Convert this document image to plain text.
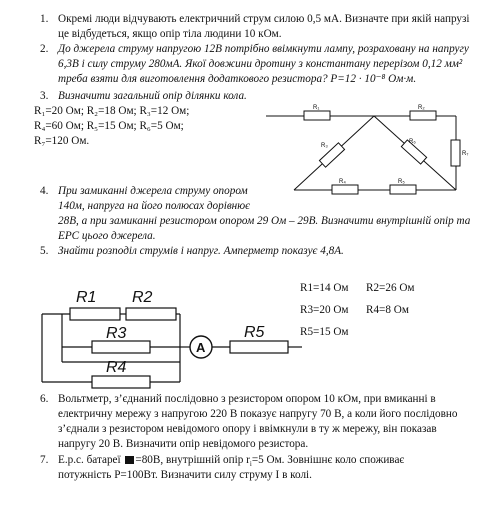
1. Окремі люди відчувають електричний струм силою 0,5 мА. Визначте при якій напрузі
це відбудеться, якщо опір тіла людини 10 кОм.
2. До джерела струму напругою 12В потрібно ввімкнути лампу, розраховану на напругу
6,3В і силу струму 280мА. Якої довжини дротину з константану перерізом 0,12 мм²
треба взяти для виготовлення додаткового резистора? Р=12 · 10⁻⁸ Ом·м.
3. Визначити загальний опір ділянки кола.
R₁=20 Ом; R₂=18 Ом; R₃=12 Ом;
R₄=60 Ом; R₅=15 Ом; R₆=5 Ом;
R₇=120 Ом.
R₁	R₂
R₃
R₄	R₅
R₆
R₇
4. При замиканні джерела струму опором
140м, напруга на його полюсах дорівнює
28В, а при замиканні резистором опором 29 Ом – 29В. Визначити внутрішній опір та
ЕРС цього джерела.
5. Знайти розподіл струмів і напруг. Амперметр показує 4,8А.
R1=14 Ом R2=26 Ом
R3=20 Ом R4=8 Ом
R5=15 Ом
R1 R2
R3
R4
R5
A
6. Вольтметр, з’єднаний послідовно з резистором опором 10 кОм, при вмиканні в
електричну мережу з напругою 220 В показує напругу 70 В, а коли його послідовно
з’єднали з резистором невідомого опору і ввімкнули в ту ж мережу, він показав
напругу 20 В. Визначити опір невідомого резистора.
7. Е.р.с. батареї =80В, внутрішній опір $r_i=5$ Ом. Зовнішнє коло споживає
потужність Р=100Вт. Визначити силу струму І в колі.
